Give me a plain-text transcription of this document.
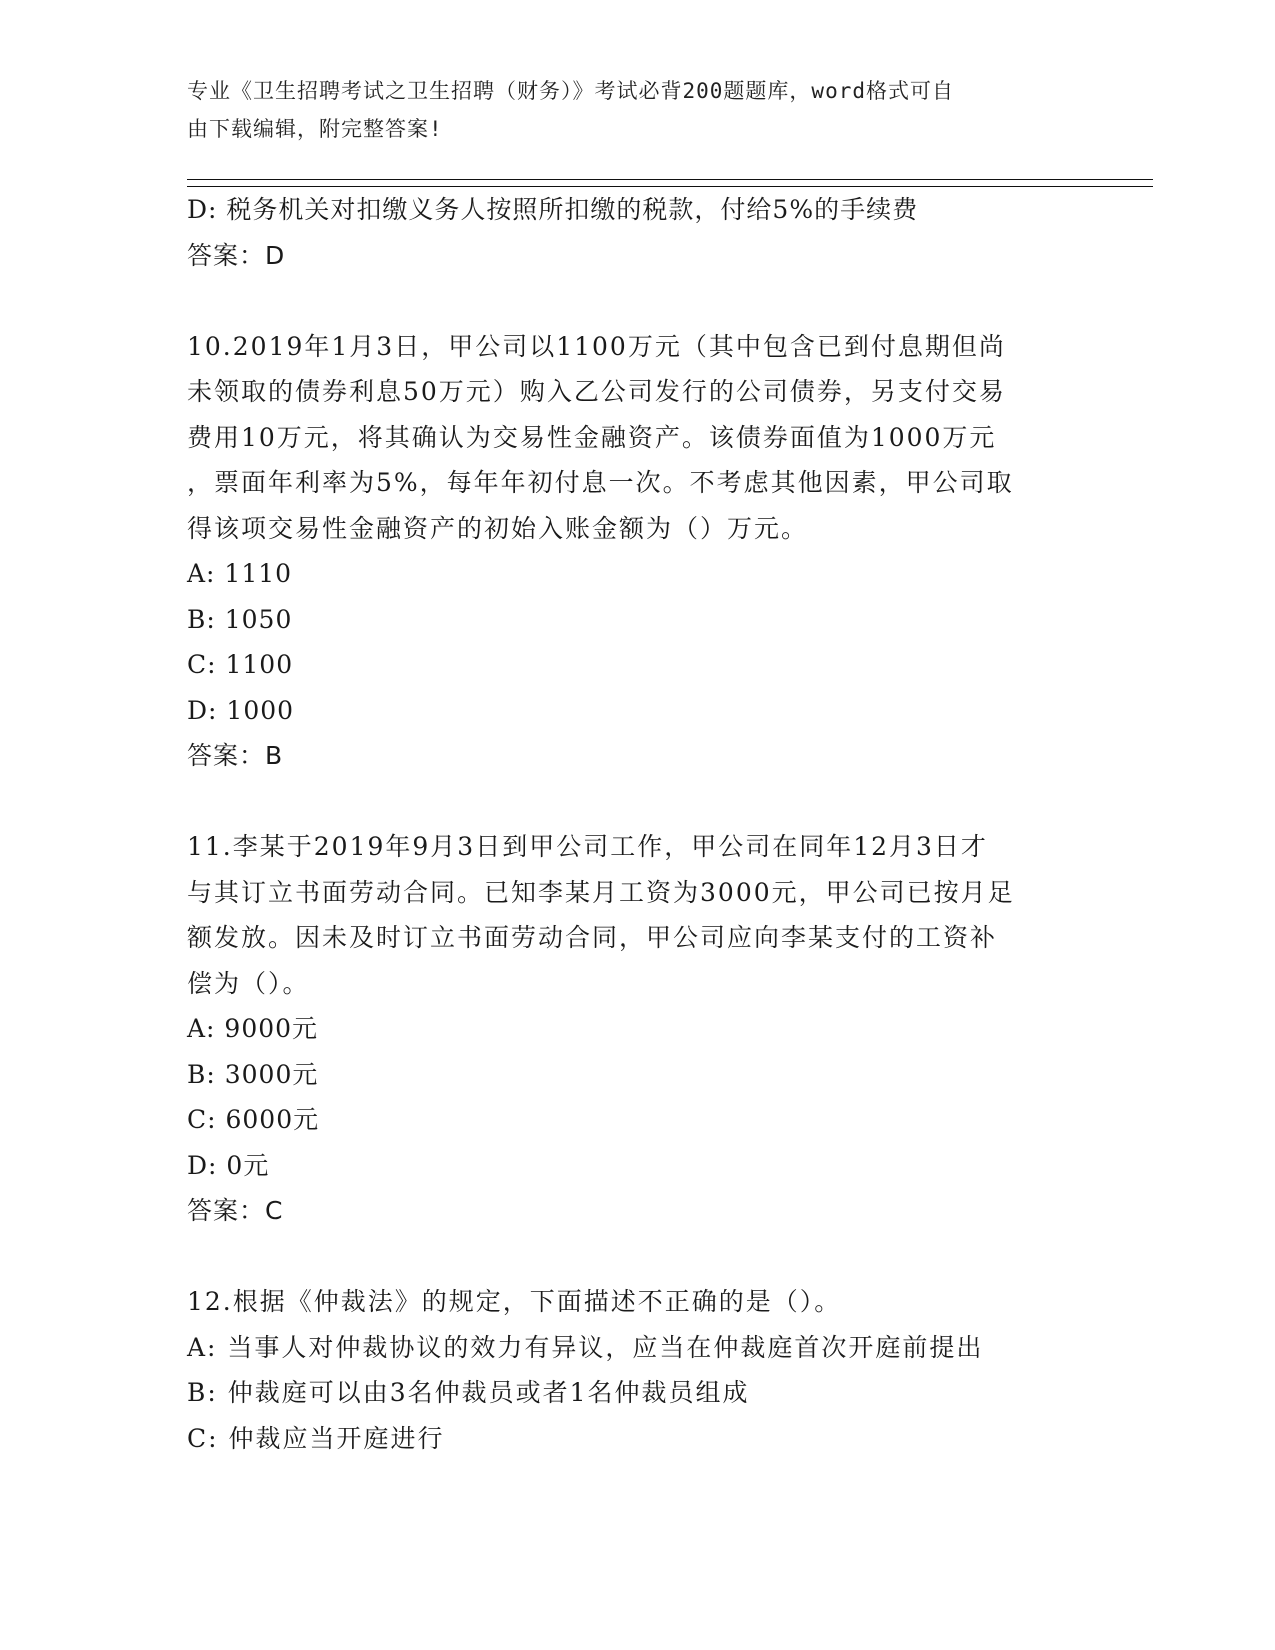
专业《卫生招聘考试之卫生招聘（财务）》考试必背200题题库，word格式可自
由下载编辑，附完整答案!
D: 税务机关对扣缴义务人按照所扣缴的税款，付给5%的手续费
答案：D
10.2019年1月3日，甲公司以1100万元（其中包含已到付息期但尚
未领取的债券利息50万元）购入乙公司发行的公司债券，另支付交易
费用10万元，将其确认为交易性金融资产。该债券面值为1000万元
，票面年利率为5%，每年年初付息一次。不考虑其他因素，甲公司取
得该项交易性金融资产的初始入账金额为（）万元。
A: 1110
B: 1050
C: 1100
D: 1000
答案：B
11.李某于2019年9月3日到甲公司工作，甲公司在同年12月3日才
与其订立书面劳动合同。已知李某月工资为3000元，甲公司已按月足
额发放。因未及时订立书面劳动合同，甲公司应向李某支付的工资补
偿为（）。
A: 9000元
B: 3000元
C: 6000元
D: 0元
答案：C
12.根据《仲裁法》的规定，下面描述不正确的是（）。
A: 当事人对仲裁协议的效力有异议，应当在仲裁庭首次开庭前提出
B: 仲裁庭可以由3名仲裁员或者1名仲裁员组成
C: 仲裁应当开庭进行
